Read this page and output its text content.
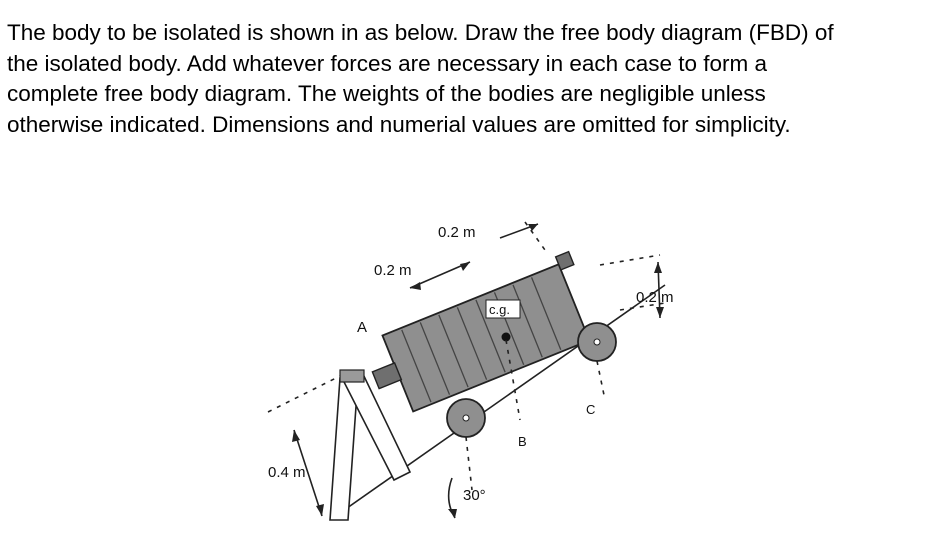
The body to be isolated is shown in as below. Draw the free body diagram (FBD) of
the isolated body. Add whatever forces are necessary in each case to form a
complete free body diagram. The weights of the bodies are negligible unless
otherwise indicated. Dimensions and numerial values are omitted for simplicity.
c.g.
0.2 m
0.2 m
0.2 m
0.4 m
A
B
C
30°
